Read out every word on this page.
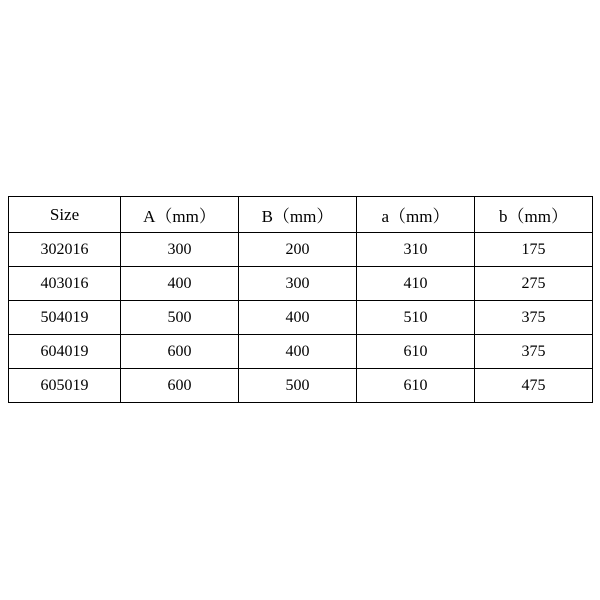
Size	A（mm）	B（mm）	a（mm）	b（mm）
302016	300	200	310	175
403016	400	300	410	275
504019	500	400	510	375
604019	600	400	610	375
605019	600	500	610	475
